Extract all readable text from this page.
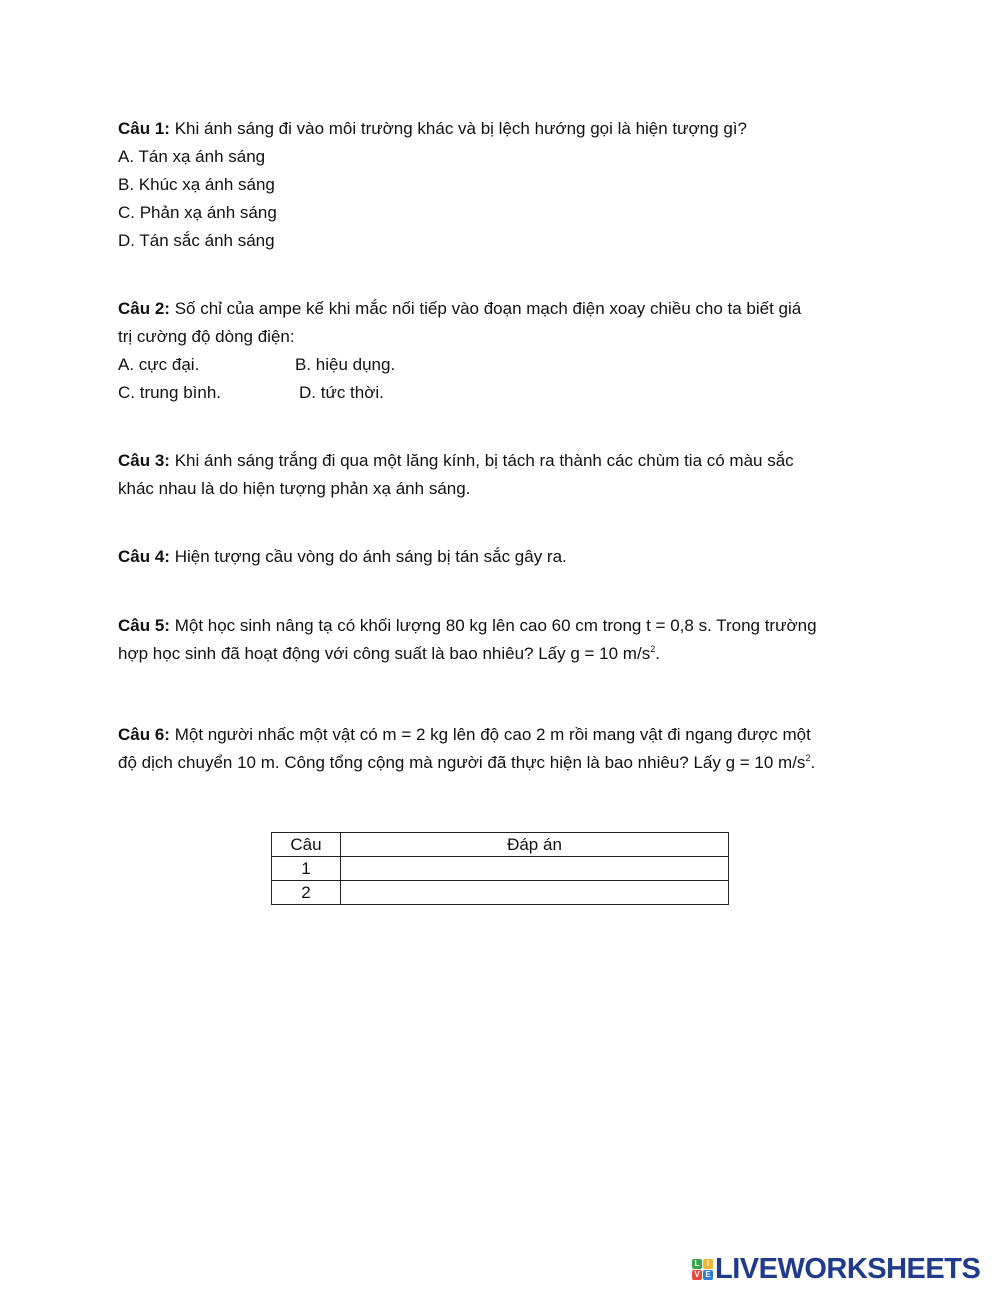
Câu 1: Khi ánh sáng đi vào môi trường khác và bị lệch hướng gọi là hiện tượng gì?
A. Tán xạ ánh sáng
B. Khúc xạ ánh sáng
C. Phản xạ ánh sáng
D. Tán sắc ánh sáng
Câu 2: Số chỉ của ampe kế khi mắc nối tiếp vào đoạn mạch điện xoay chiều cho ta biết giá
trị cường độ dòng điện:
A. cực đại.	B. hiệu dụng.
C. trung bình.	D. tức thời.
Câu 3: Khi ánh sáng trắng đi qua một lăng kính, bị tách ra thành các chùm tia có màu sắc
khác nhau là do hiện tượng phản xạ ánh sáng.
Câu 4: Hiện tượng cầu vòng do ánh sáng bị tán sắc gây ra.
Câu 5: Một học sinh nâng tạ có khối lượng 80 kg lên cao 60 cm trong t = 0,8 s. Trong trường
hợp học sinh đã hoạt động với công suất là bao nhiêu? Lấy g = 10 $m/s^2$.
Câu 6: Một người nhấc một vật có m = 2 kg lên độ cao 2 m rồi mang vật đi ngang được một
độ dịch chuyển 10 m. Công tổng cộng mà người đã thực hiện là bao nhiêu? Lấy g = 10 $m/s^2$.
Câu	Đáp án
1	
2	
L I
V E LIVEWORKSHEETS
